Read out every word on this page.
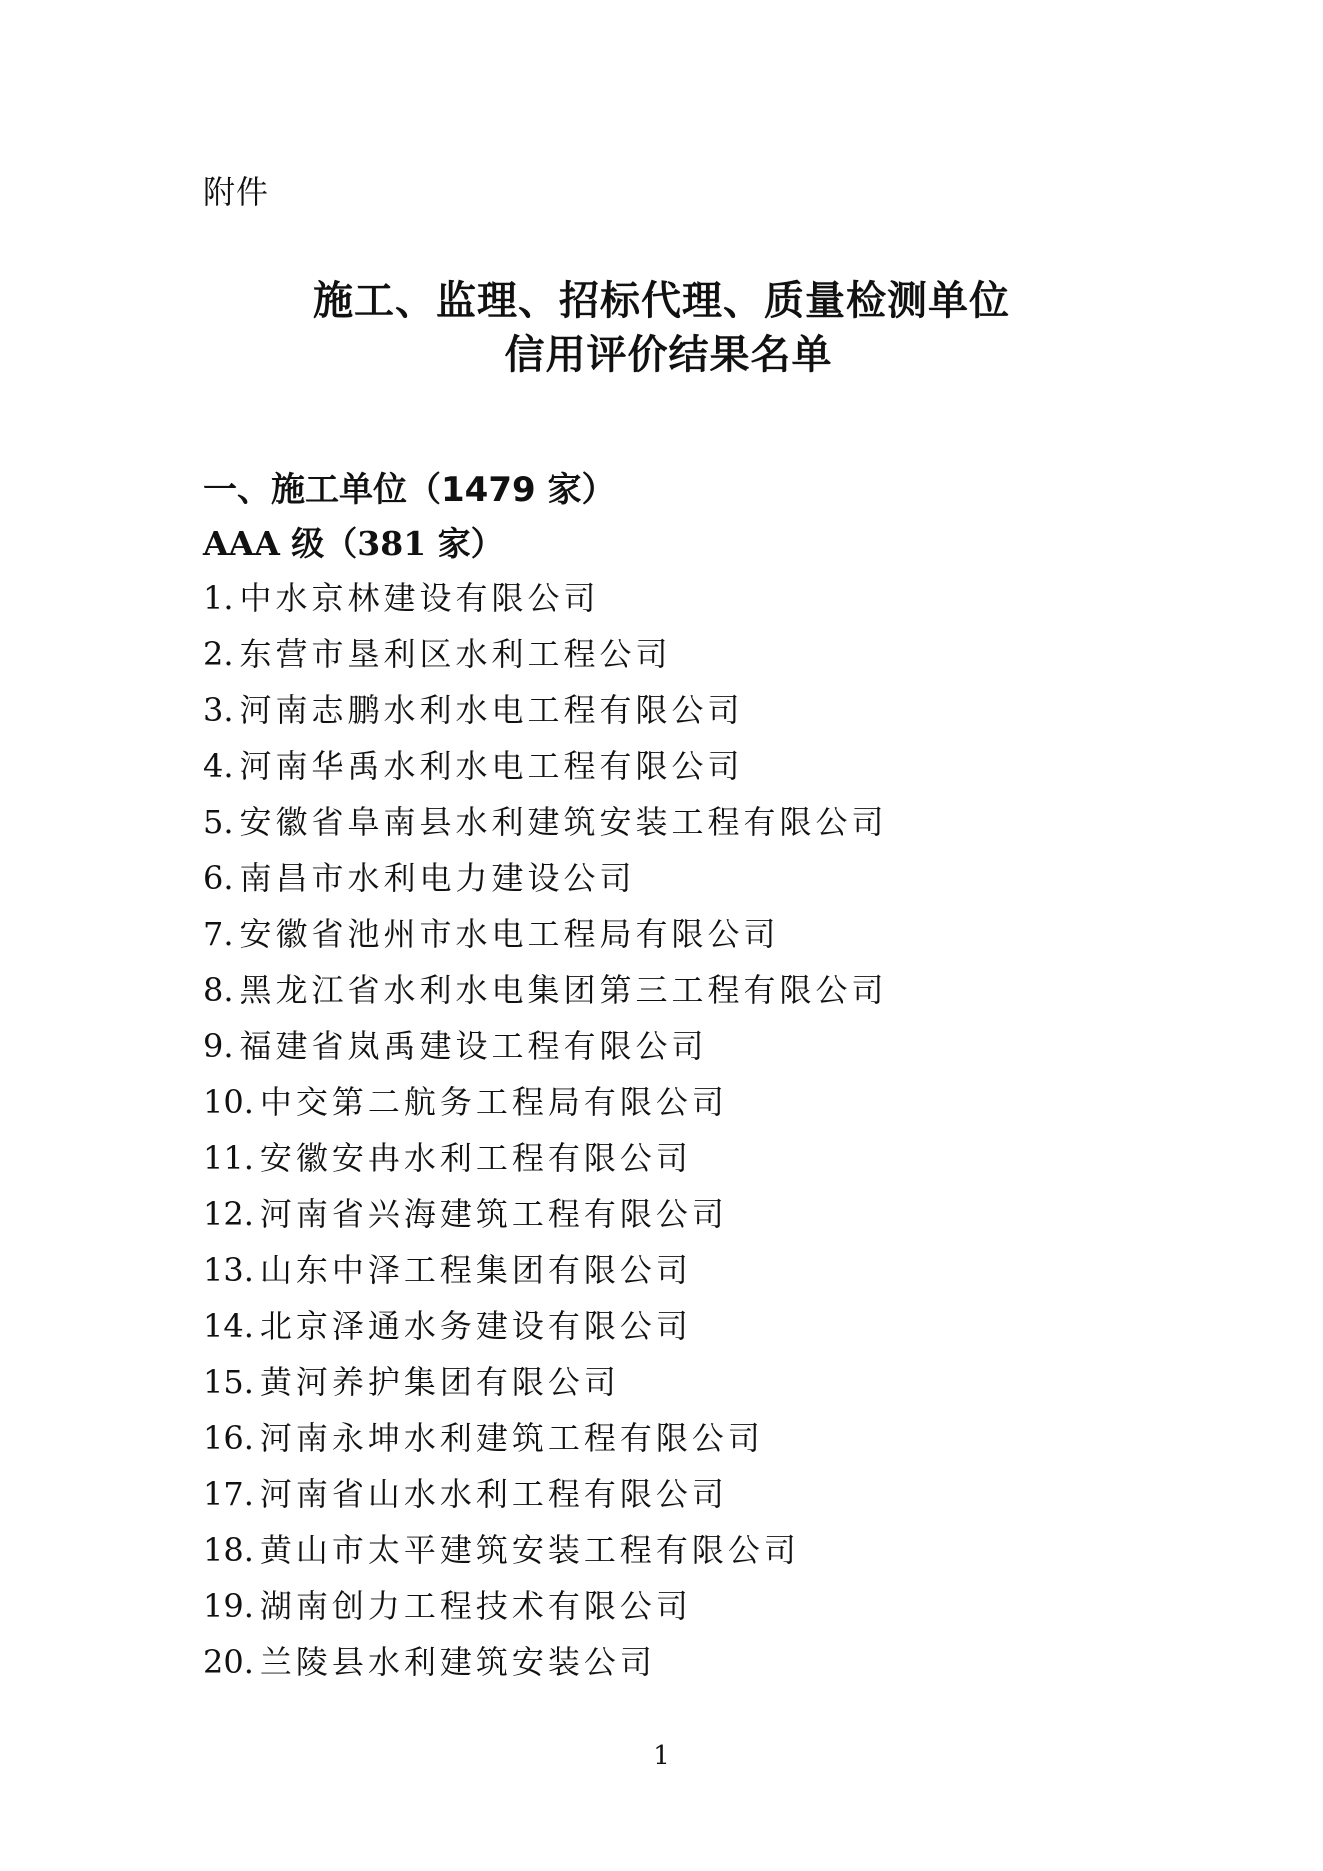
附件
施工、监理、招标代理、质量检测单位
信用评价结果名单
一、施工单位（1479 家）
AAA 级（381 家）
1. 中水京林建设有限公司
2. 东营市垦利区水利工程公司
3. 河南志鹏水利水电工程有限公司
4. 河南华禹水利水电工程有限公司
5. 安徽省阜南县水利建筑安装工程有限公司
6. 南昌市水利电力建设公司
7. 安徽省池州市水电工程局有限公司
8. 黑龙江省水利水电集团第三工程有限公司
9. 福建省岚禹建设工程有限公司
10. 中交第二航务工程局有限公司
11. 安徽安冉水利工程有限公司
12. 河南省兴海建筑工程有限公司
13. 山东中泽工程集团有限公司
14. 北京泽通水务建设有限公司
15. 黄河养护集团有限公司
16. 河南永坤水利建筑工程有限公司
17. 河南省山水水利工程有限公司
18. 黄山市太平建筑安装工程有限公司
19. 湖南创力工程技术有限公司
20. 兰陵县水利建筑安装公司
1
